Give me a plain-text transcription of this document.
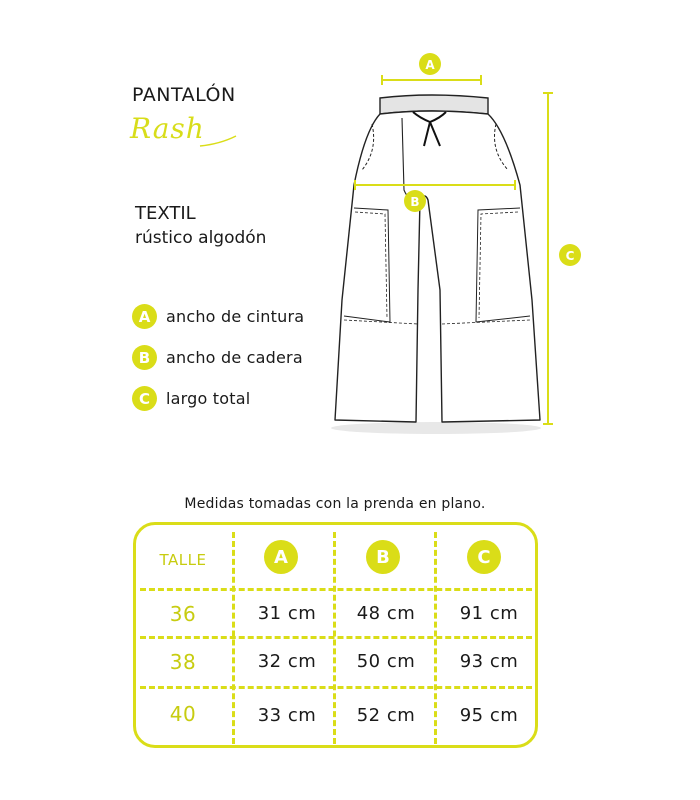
PANTALÓN
Rash
TEXTIL
rústico algodón
A ancho de cintura
B ancho de cadera
C	largo total
A
B
C
Medidas tomadas con la prenda en plano.
TALLE	A	B	C
36	31 cm	48 cm	91 cm
38	32 cm	50 cm	93 cm
40	33 cm	52 cm	95 cm
